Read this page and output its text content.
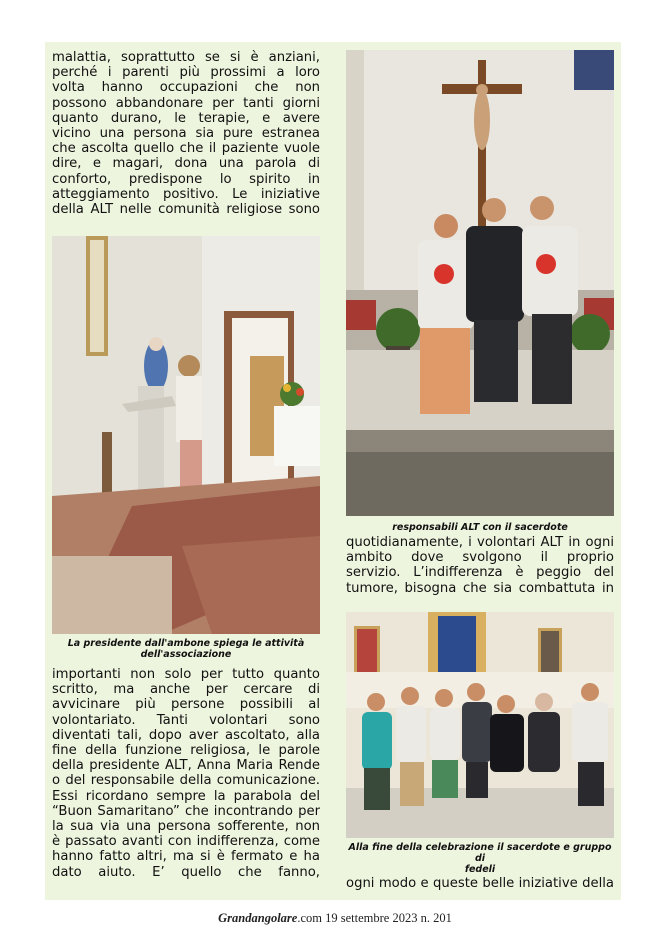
malattia, soprattutto se si è anziani,

perché i parenti più prossimi a loro

volta hanno occupazioni che non

possono abbandonare per tanti giorni

quanto durano, le terapie, e avere

vicino una persona sia pure estranea

che ascolta quello che il paziente vuole

dire, e magari, dona una parola di

conforto, predispone lo spirito in

atteggiamento positivo. Le iniziative

della ALT nelle comunità religiose sono

La presidente dall'ambone spiega le attività
dell'associazione

importanti non solo per tutto quanto

scritto, ma anche per cercare di

avvicinare più persone possibili al

volontariato. Tanti volontari sono

diventati tali, dopo aver ascoltato, alla

fine della funzione religiosa, le parole

della presidente ALT, Anna Maria Rende

o del responsabile della comunicazione.

Essi ricordano sempre la parabola del

“Buon Samaritano” che incontrando per

la sua via una persona sofferente, non

è passato avanti con indifferenza, come

hanno fatto altri, ma si è fermato e ha

dato aiuto. E’ quello che fanno,

responsabili ALT con il sacerdote

quotidianamente, i volontari ALT in ogni

ambito dove svolgono il proprio

servizio. L’indifferenza è peggio del

tumore, bisogna che sia combattuta in

Alla fine della celebrazione il sacerdote e gruppo di
fedeli

ogni modo e queste belle iniziative della

Grandangolare.com 19 settembre 2023 n. 201
